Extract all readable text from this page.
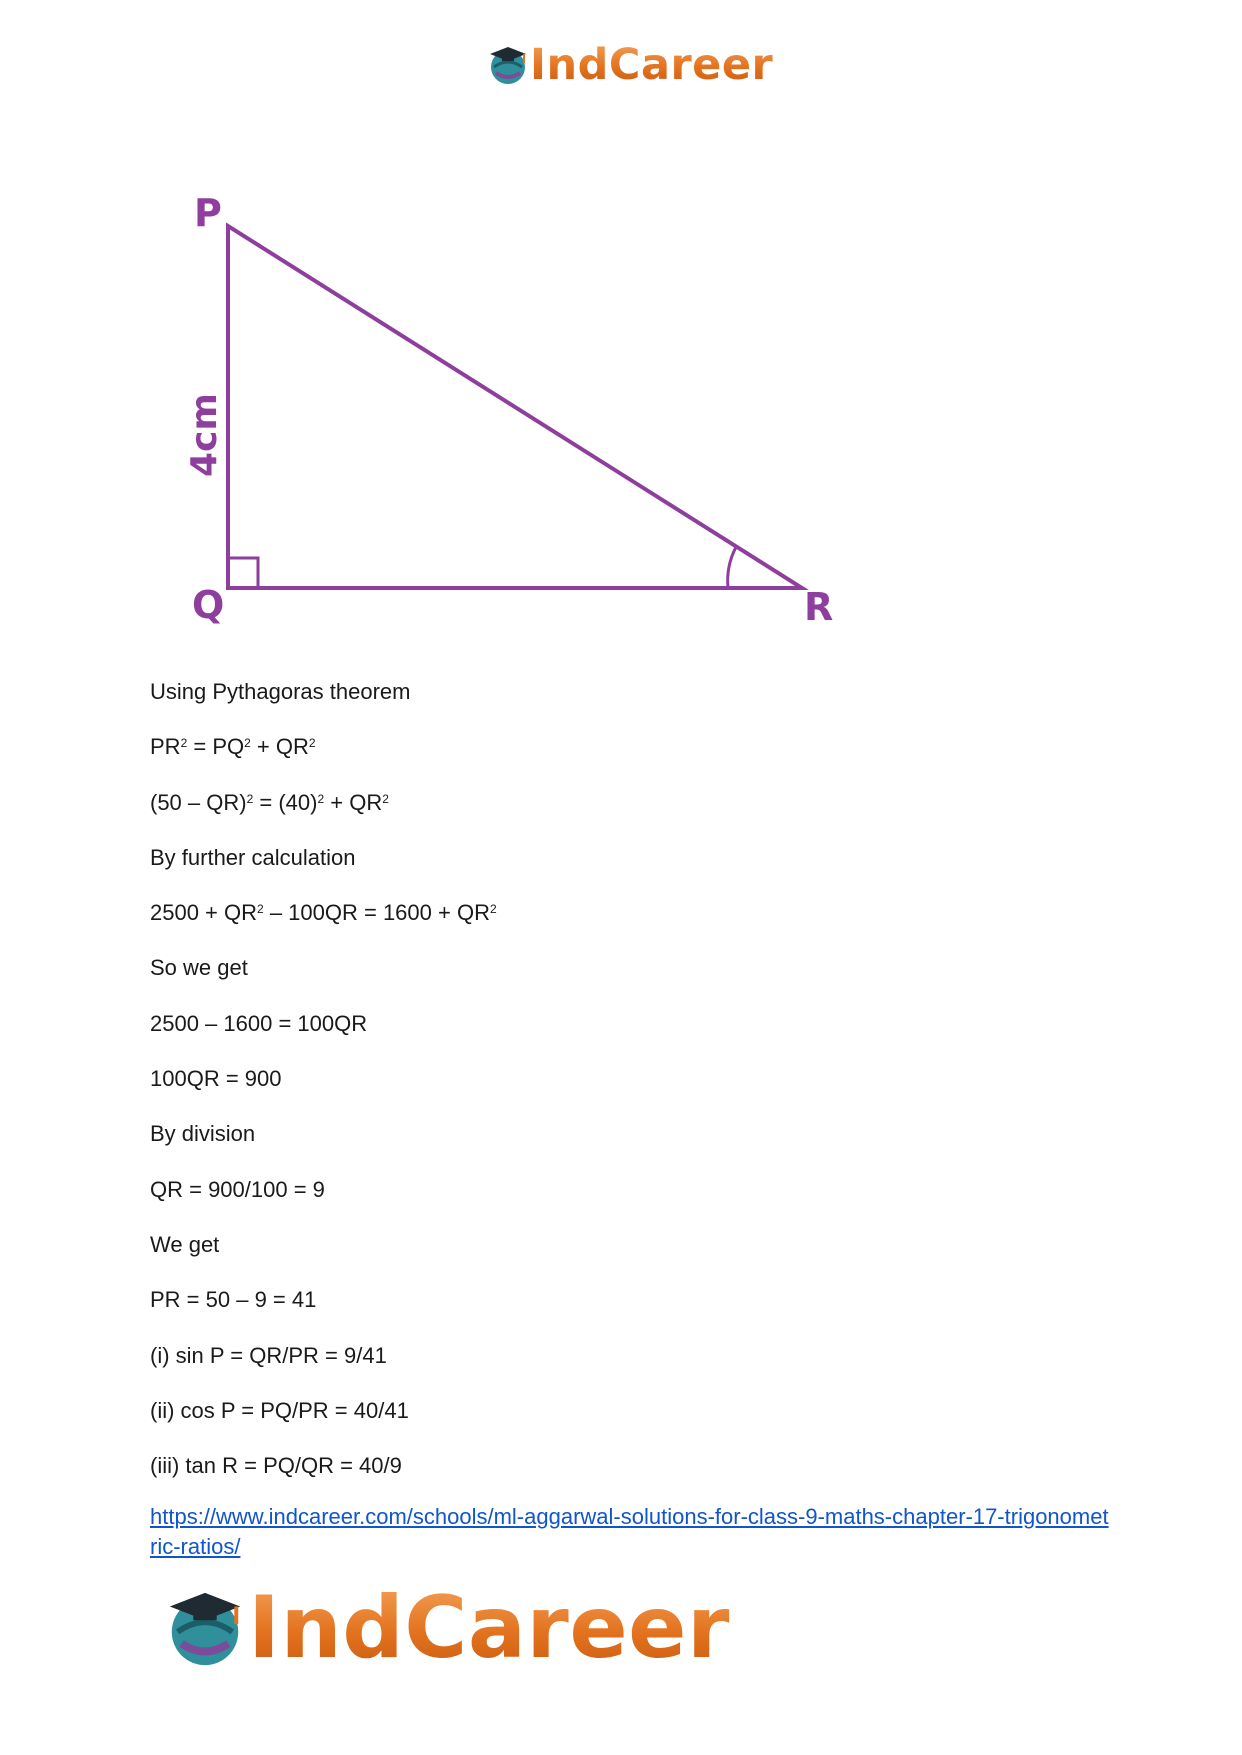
IndCareer
P
Q	R
4cm
Using Pythagoras theorem
$PR^2 = PQ^2 + QR^2$
$(50 - QR)^2 = (40)^2 + QR^2$
By further calculation
$2500 + QR^2 - 100QR = 1600 + QR^2$
So we get
2500 – 1600 = 100QR
100QR = 900
By division
QR = 900/100 = 9
We get
PR = 50 – 9 = 41
(i) sin P = QR/PR = 9/41
(ii) cos P = PQ/PR = 40/41
(iii) tan R = PQ/QR = 40/9
https://www.indcareer.com/schools/ml-aggarwal-solutions-for-class-9-maths-chapter-17-trigonometric-ratios/
IndCareer
